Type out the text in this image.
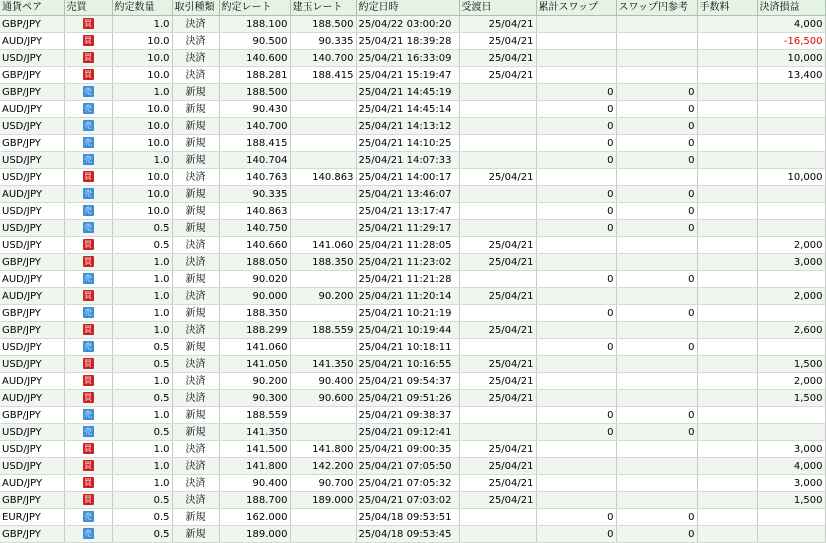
通貨ペア	売買	約定数量	取引種類	約定レート	建玉レート	約定日時	受渡日	累計スワップ	スワップ円参考	手数料	決済損益
GBP/JPY	買	1.0	決済	188.100	188.500	25/04/22 03:00:20	25/04/21				4,000
AUD/JPY	買	10.0	決済	90.500	90.335	25/04/21 18:39:28	25/04/21				-16,500
USD/JPY	買	10.0	決済	140.600	140.700	25/04/21 16:33:09	25/04/21				10,000
GBP/JPY	買	10.0	決済	188.281	188.415	25/04/21 15:19:47	25/04/21				13,400
GBP/JPY	売	1.0	新規	188.500		25/04/21 14:45:19		0	0		
AUD/JPY	売	10.0	新規	90.430		25/04/21 14:45:14		0	0		
USD/JPY	売	10.0	新規	140.700		25/04/21 14:13:12		0	0		
GBP/JPY	売	10.0	新規	188.415		25/04/21 14:10:25		0	0		
USD/JPY	売	1.0	新規	140.704		25/04/21 14:07:33		0	0		
USD/JPY	買	10.0	決済	140.763	140.863	25/04/21 14:00:17	25/04/21				10,000
AUD/JPY	売	10.0	新規	90.335		25/04/21 13:46:07		0	0		
USD/JPY	売	10.0	新規	140.863		25/04/21 13:17:47		0	0		
USD/JPY	売	0.5	新規	140.750		25/04/21 11:29:17		0	0		
USD/JPY	買	0.5	決済	140.660	141.060	25/04/21 11:28:05	25/04/21				2,000
GBP/JPY	買	1.0	決済	188.050	188.350	25/04/21 11:23:02	25/04/21				3,000
AUD/JPY	売	1.0	新規	90.020		25/04/21 11:21:28		0	0		
AUD/JPY	買	1.0	決済	90.000	90.200	25/04/21 11:20:14	25/04/21				2,000
GBP/JPY	売	1.0	新規	188.350		25/04/21 10:21:19		0	0		
GBP/JPY	買	1.0	決済	188.299	188.559	25/04/21 10:19:44	25/04/21				2,600
USD/JPY	売	0.5	新規	141.060		25/04/21 10:18:11		0	0		
USD/JPY	買	0.5	決済	141.050	141.350	25/04/21 10:16:55	25/04/21				1,500
AUD/JPY	買	1.0	決済	90.200	90.400	25/04/21 09:54:37	25/04/21				2,000
AUD/JPY	買	0.5	決済	90.300	90.600	25/04/21 09:51:26	25/04/21				1,500
GBP/JPY	売	1.0	新規	188.559		25/04/21 09:38:37		0	0		
USD/JPY	売	0.5	新規	141.350		25/04/21 09:12:41		0	0		
USD/JPY	買	1.0	決済	141.500	141.800	25/04/21 09:00:35	25/04/21				3,000
USD/JPY	買	1.0	決済	141.800	142.200	25/04/21 07:05:50	25/04/21				4,000
AUD/JPY	買	1.0	決済	90.400	90.700	25/04/21 07:05:32	25/04/21				3,000
GBP/JPY	買	0.5	決済	188.700	189.000	25/04/21 07:03:02	25/04/21				1,500
EUR/JPY	売	0.5	新規	162.000		25/04/18 09:53:51		0	0		
GBP/JPY	売	0.5	新規	189.000		25/04/18 09:53:45		0	0		
